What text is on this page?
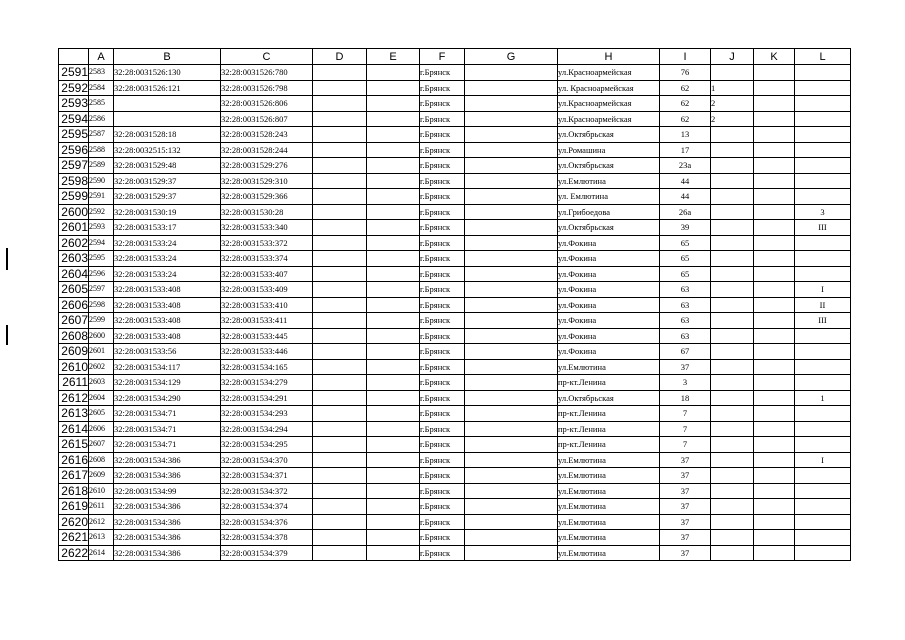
	A	B	C	D	E	F	G	H	I	J	K	L
2591	2583	32:28:0031526:130	32:28:0031526:780			г.Брянск		ул.Красноармейская	76			
2592	2584	32:28:0031526:121	32:28:0031526:798			г.Брянск		ул. Красноармейская	62	1		
2593	2585		32:28:0031526:806			г.Брянск		ул.Красноармейская	62	2		
2594	2586		32:28:0031526:807			г.Брянск		ул.Красноармейская	62	2		
2595	2587	32:28:0031528:18	32:28:0031528:243			г.Брянск		ул.Октябрьская	13			
2596	2588	32:28:0032515:132	32:28:0031528:244			г.Брянск		ул.Ромашина	17			
2597	2589	32:28:0031529:48	32:28:0031529:276			г.Брянск		ул.Октябрьская	23а			
2598	2590	32:28:0031529:37	32:28:0031529:310			г.Брянск		ул.Емлютина	44			
2599	2591	32:28:0031529:37	32:28:0031529:366			г.Брянск		ул. Емлютина	44			
2600	2592	32:28:0031530:19	32:28:0031530:28			г.Брянск		ул.Грибоедова	26а			3
2601	2593	32:28:0031533:17	32:28:0031533:340			г.Брянск		ул.Октябрьская	39			III
2602	2594	32:28:0031533:24	32:28:0031533:372			г.Брянск		ул.Фокина	65			
2603	2595	32:28:0031533:24	32:28:0031533:374			г.Брянск		ул.Фокина	65			
2604	2596	32:28:0031533:24	32:28:0031533:407			г.Брянск		ул.Фокина	65			
2605	2597	32:28:0031533:408	32:28:0031533:409			г.Брянск		ул.Фокина	63			I
2606	2598	32:28:0031533:408	32:28:0031533:410			г.Брянск		ул.Фокина	63			II
2607	2599	32:28:0031533:408	32:28:0031533:411			г.Брянск		ул.Фокина	63			III
2608	2600	32:28:0031533:408	32:28:0031533:445			г.Брянск		ул.Фокина	63			
2609	2601	32:28:0031533:56	32:28:0031533:446			г.Брянск		ул.Фокина	67			
2610	2602	32:28:0031534:117	32:28:0031534:165			г.Брянск		ул.Емлютина	37			
2611	2603	32:28:0031534:129	32:28:0031534:279			г.Брянск		пр-кт.Ленина	3			
2612	2604	32:28:0031534:290	32:28:0031534:291			г.Брянск		ул.Октябрьская	18			1
2613	2605	32:28:0031534:71	32:28:0031534:293			г.Брянск		пр-кт.Ленина	7			
2614	2606	32:28:0031534:71	32:28:0031534:294			г.Брянск		пр-кт.Ленина	7			
2615	2607	32:28:0031534:71	32:28:0031534:295			г.Брянск		пр-кт.Ленина	7			
2616	2608	32:28:0031534:386	32:28:0031534:370			г.Брянск		ул.Емлютина	37			I
2617	2609	32:28:0031534:386	32:28:0031534:371			г.Брянск		ул.Емлютина	37			
2618	2610	32:28:0031534:99	32:28:0031534:372			г.Брянск		ул.Емлютина	37			
2619	2611	32:28:0031534:386	32:28:0031534:374			г.Брянск		ул.Емлютина	37			
2620	2612	32:28:0031534:386	32:28:0031534:376			г.Брянск		ул.Емлютина	37			
2621	2613	32:28:0031534:386	32:28:0031534:378			г.Брянск		ул.Емлютина	37			
2622	2614	32:28:0031534:386	32:28:0031534:379			г.Брянск		ул.Емлютина	37			
